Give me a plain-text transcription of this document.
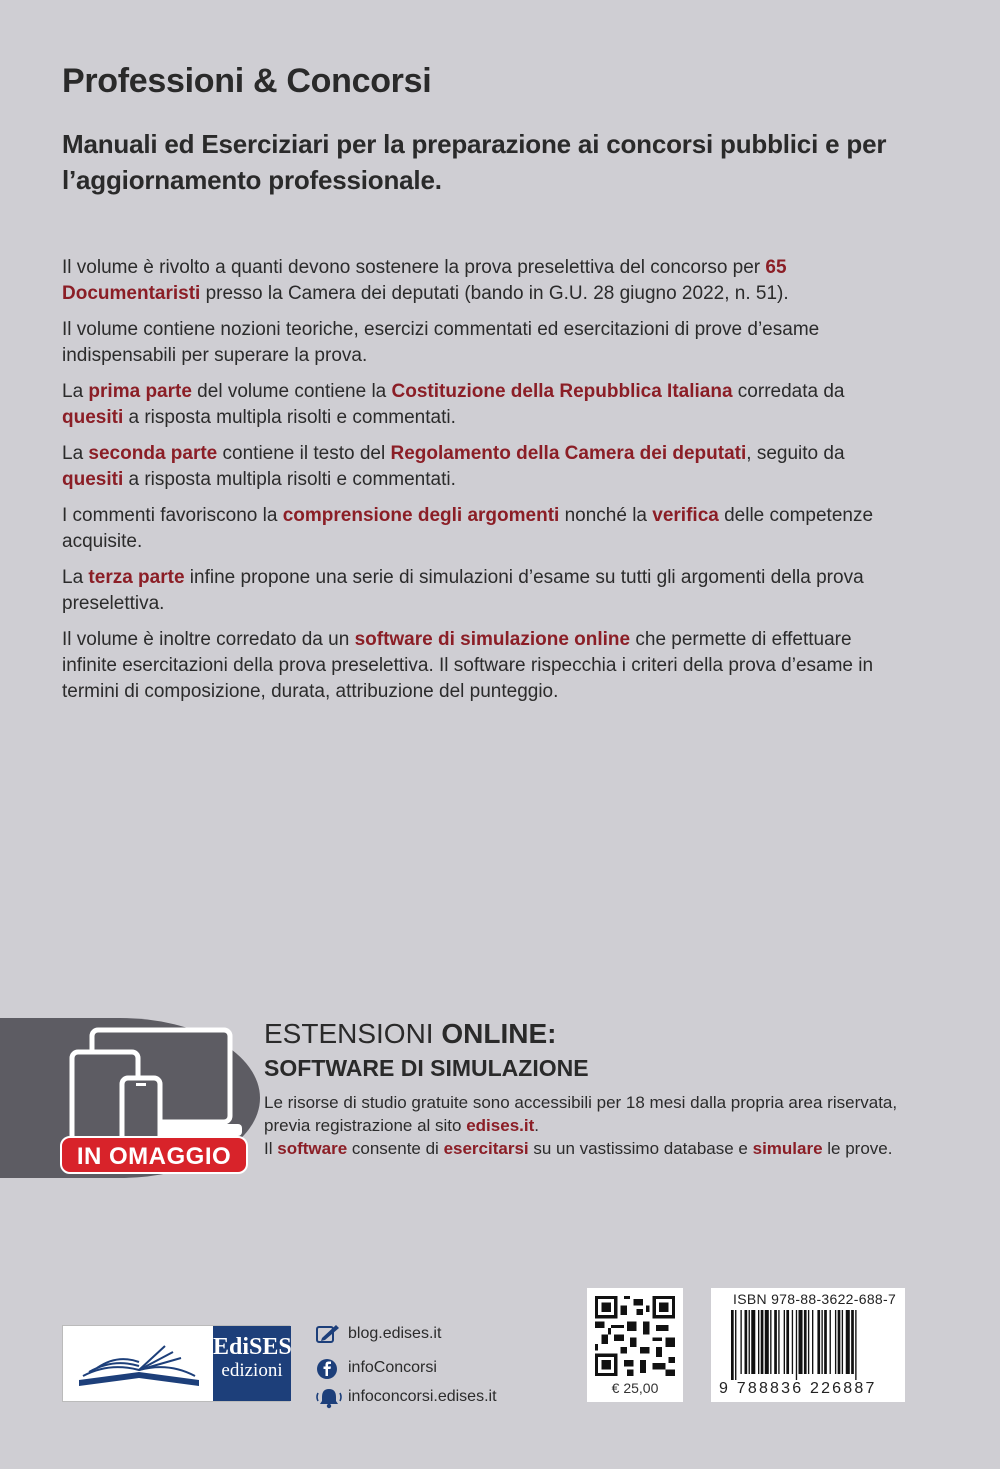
Professioni & Concorsi
Manuali ed Eserciziari per la preparazione ai concorsi pubblici e per l’aggiornamento professionale.

Il volume è rivolto a quanti devono sostenere la prova preselettiva del concorso per 65 Documentaristi presso la Camera dei deputati (bando in G.U. 28 giugno 2022, n. 51).

Il volume contiene nozioni teoriche, esercizi commentati ed esercitazioni di prove d’esame indispensabili per superare la prova.

La prima parte del volume contiene la Costituzione della Repubblica Italiana corredata da quesiti a risposta multipla risolti e commentati.

La seconda parte contiene il testo del Regolamento della Camera dei deputati, seguito da quesiti a risposta multipla risolti e commentati.

I commenti favoriscono la comprensione degli argomenti nonché la verifica delle competenze acquisite.

La terza parte infine propone una serie di simulazioni d’esame su tutti gli argomenti della prova preselettiva.

Il volume è inoltre corredato da un software di simulazione online che permette di effettuare infinite esercitazioni della prova preselettiva. Il software rispecchia i criteri della prova d’esame in termini di composizione, durata, attribuzione del punteggio.

IN OMAGGIO
ESTENSIONI ONLINE:
SOFTWARE DI SIMULAZIONE

Le risorse di studio gratuite sono accessibili per 18 mesi dalla propria area riservata,

previa registrazione al sito edises.it.

Il software consente di esercitarsi su un vastissimo database e simulare le prove.

EdiSES
edizioni
blog.edises.it
infoConcorsi
infoconcorsi.edises.it	€ 25,00
ISBN 978-88-3622-688-7
9 788836 226887
